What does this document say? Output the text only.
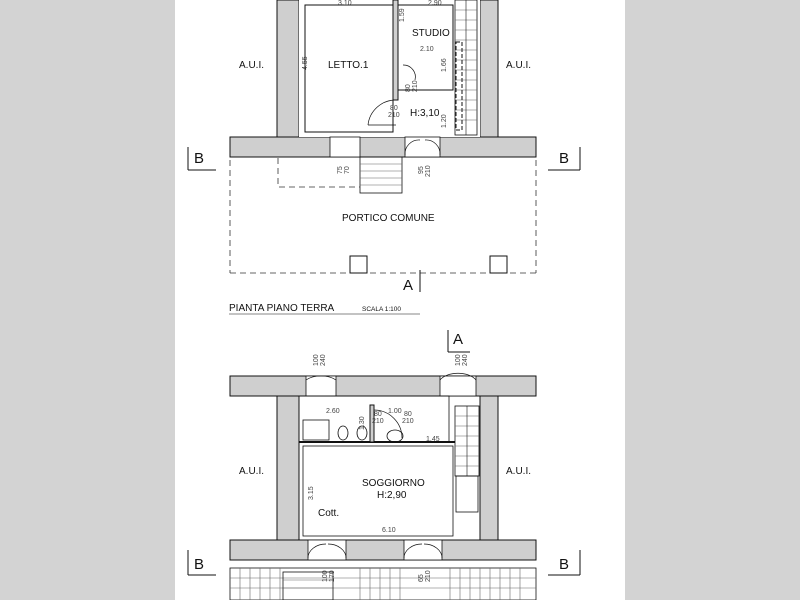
A.U.I.	A.U.I.
LETTO.1
STUDIO
H:3,10
PORTICO COMUNE
3.10	2.90
2.10
1.59
4.55	1.66
1.20
80
210
80 210
75 70	95 210
B	B
A
PIANTA PIANO TERRA	SCALA 1:100
A
B	B
A.U.I.	A.U.I.
SOGGIORNO
H:2,90
Cott.
2.60	1.00
1.45
6.10
3.15
1.30
80
210
80
210
100 240	100 240
100 170	65 210
